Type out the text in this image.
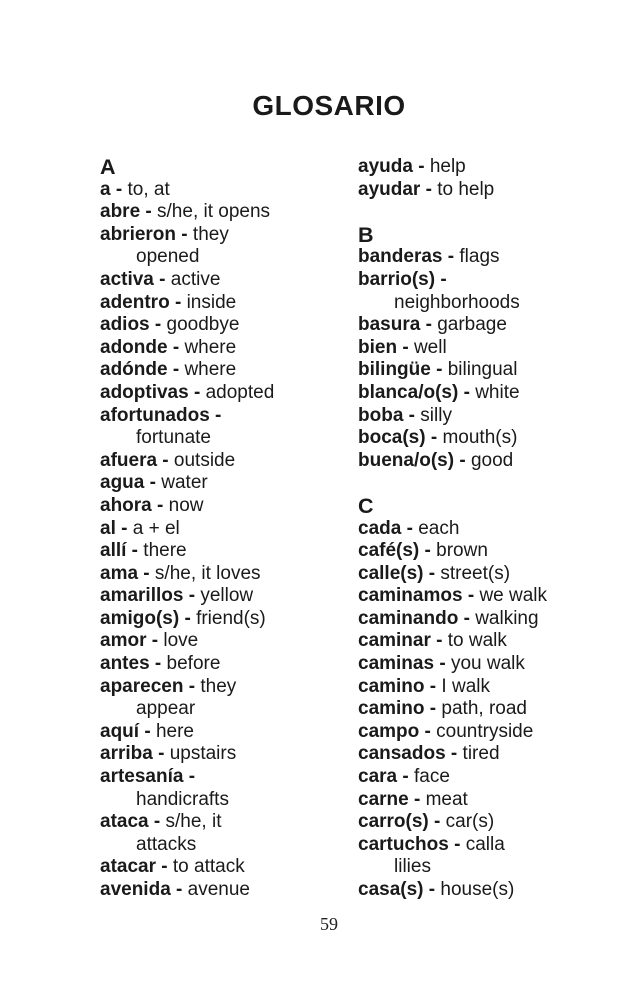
GLOSARIO
A
a - to, at
abre - s/he, it opens
abrieron - they
opened
activa - active
adentro - inside
adios - goodbye
adonde - where
adónde - where
adoptivas - adopted
afortunados -
fortunate
afuera - outside
agua - water
ahora - now
al - a + el
allí - there
ama - s/he, it loves
amarillos - yellow
amigo(s) - friend(s)
amor - love
antes - before
aparecen - they
appear
aquí - here
arriba - upstairs
artesanía -
handicrafts
ataca - s/he, it
attacks
atacar - to attack
avenida - avenue
ayuda - help
ayudar - to help
B
banderas - flags
barrio(s) -
neighborhoods
basura - garbage
bien - well
bilingüe - bilingual
blanca/o(s) - white
boba - silly
boca(s) - mouth(s)
buena/o(s) - good
C
cada - each
café(s) - brown
calle(s) - street(s)
caminamos - we walk
caminando - walking
caminar - to walk
caminas - you walk
camino - I walk
camino - path, road
campo - countryside
cansados - tired
cara - face
carne - meat
carro(s) - car(s)
cartuchos - calla
lilies
casa(s) - house(s)
59
